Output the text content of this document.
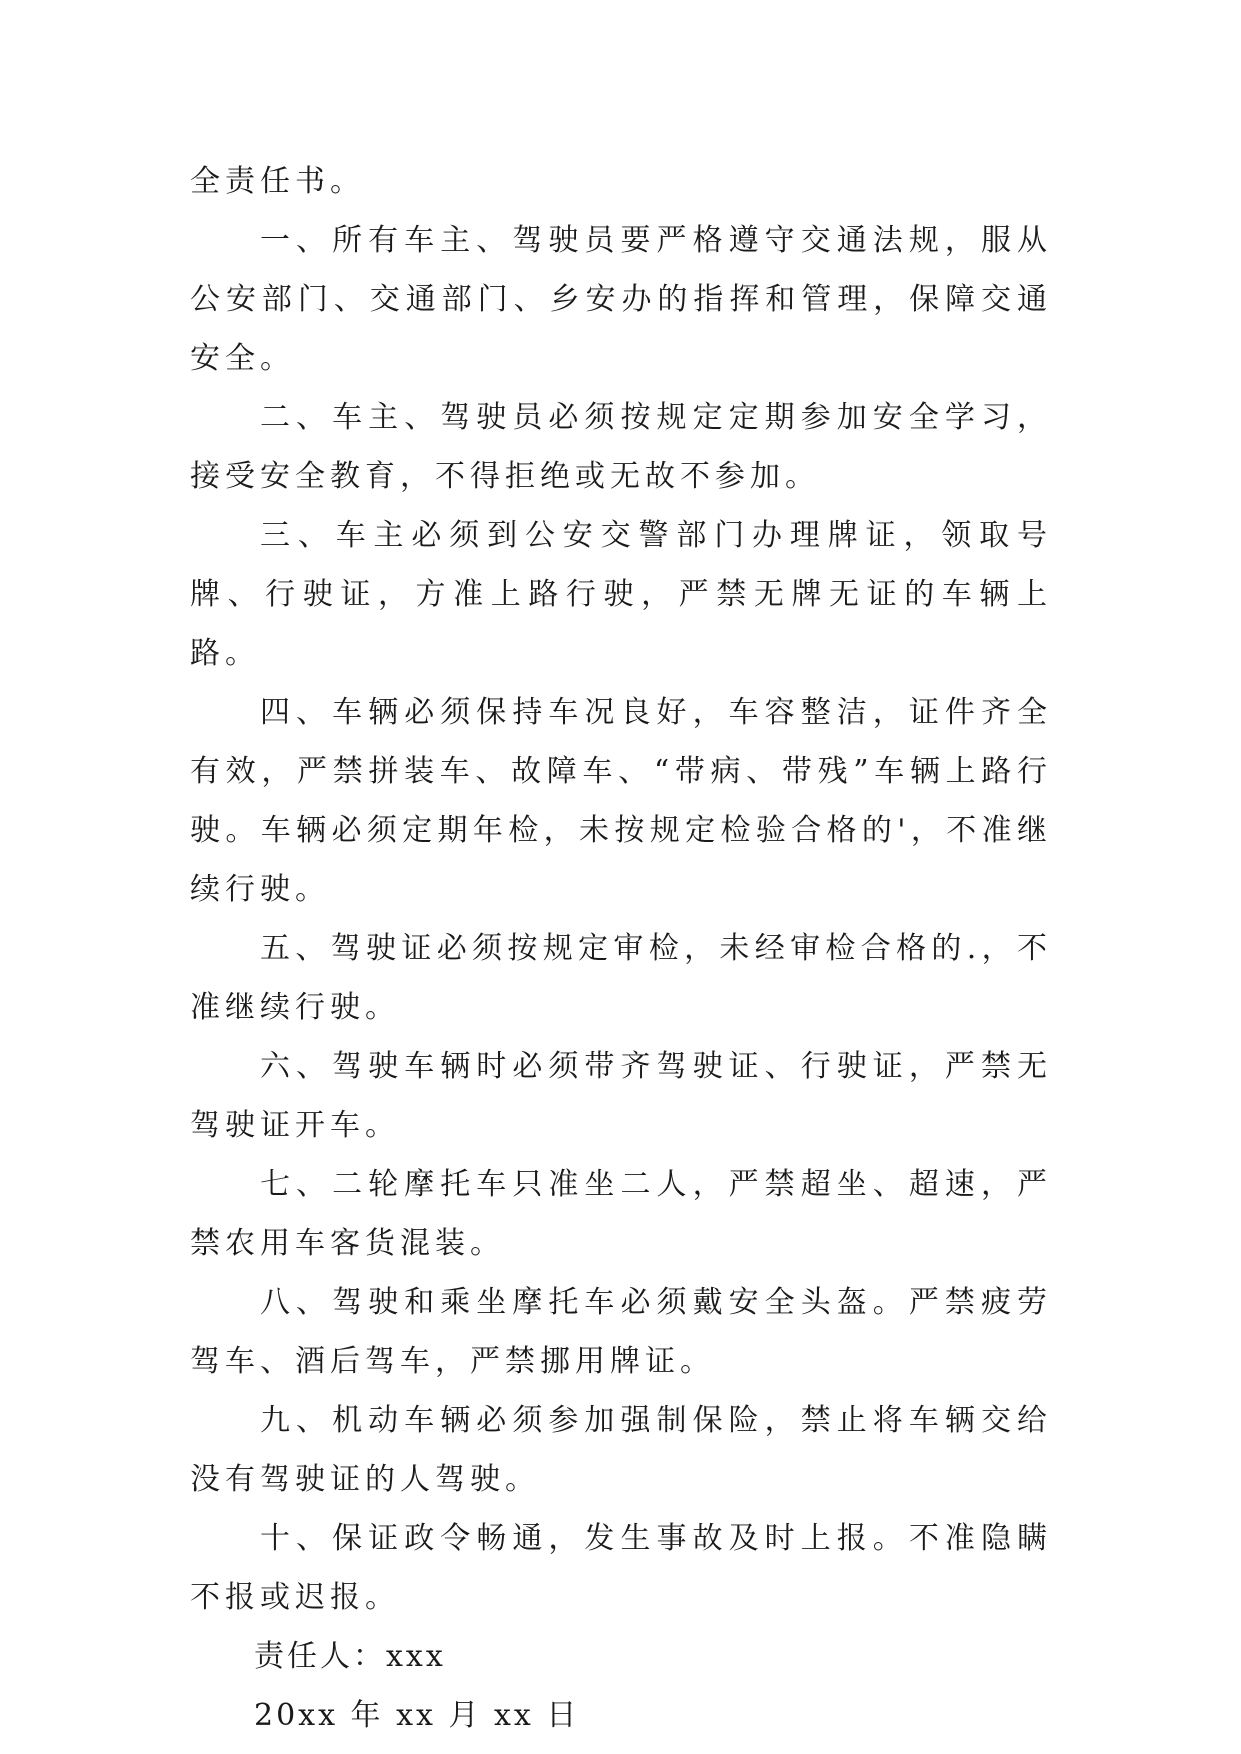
全责任书。

一、所有车主、驾驶员要严格遵守交通法规，服从公安部门、交通部门、乡安办的指挥和管理，保障交通安全。

二、车主、驾驶员必须按规定定期参加安全学习，接受安全教育，不得拒绝或无故不参加。

三、车主必须到公安交警部门办理牌证，领取号牌、行驶证，方准上路行驶，严禁无牌无证的车辆上路。

四、车辆必须保持车况良好，车容整洁，证件齐全有效，严禁拼装车、故障车、“带病、带残”车辆上路行驶。车辆必须定期年检，未按规定检验合格的'，不准继续行驶。

五、驾驶证必须按规定审检，未经审检合格的.，不准继续行驶。

六、驾驶车辆时必须带齐驾驶证、行驶证，严禁无驾驶证开车。

七、二轮摩托车只准坐二人，严禁超坐、超速，严禁农用车客货混装。

八、驾驶和乘坐摩托车必须戴安全头盔。严禁疲劳驾车、酒后驾车，严禁挪用牌证。

九、机动车辆必须参加强制保险，禁止将车辆交给没有驾驶证的人驾驶。

十、保证政令畅通，发生事故及时上报。不准隐瞒不报或迟报。

责任人：xxx

20xx 年 xx 月 xx 日
